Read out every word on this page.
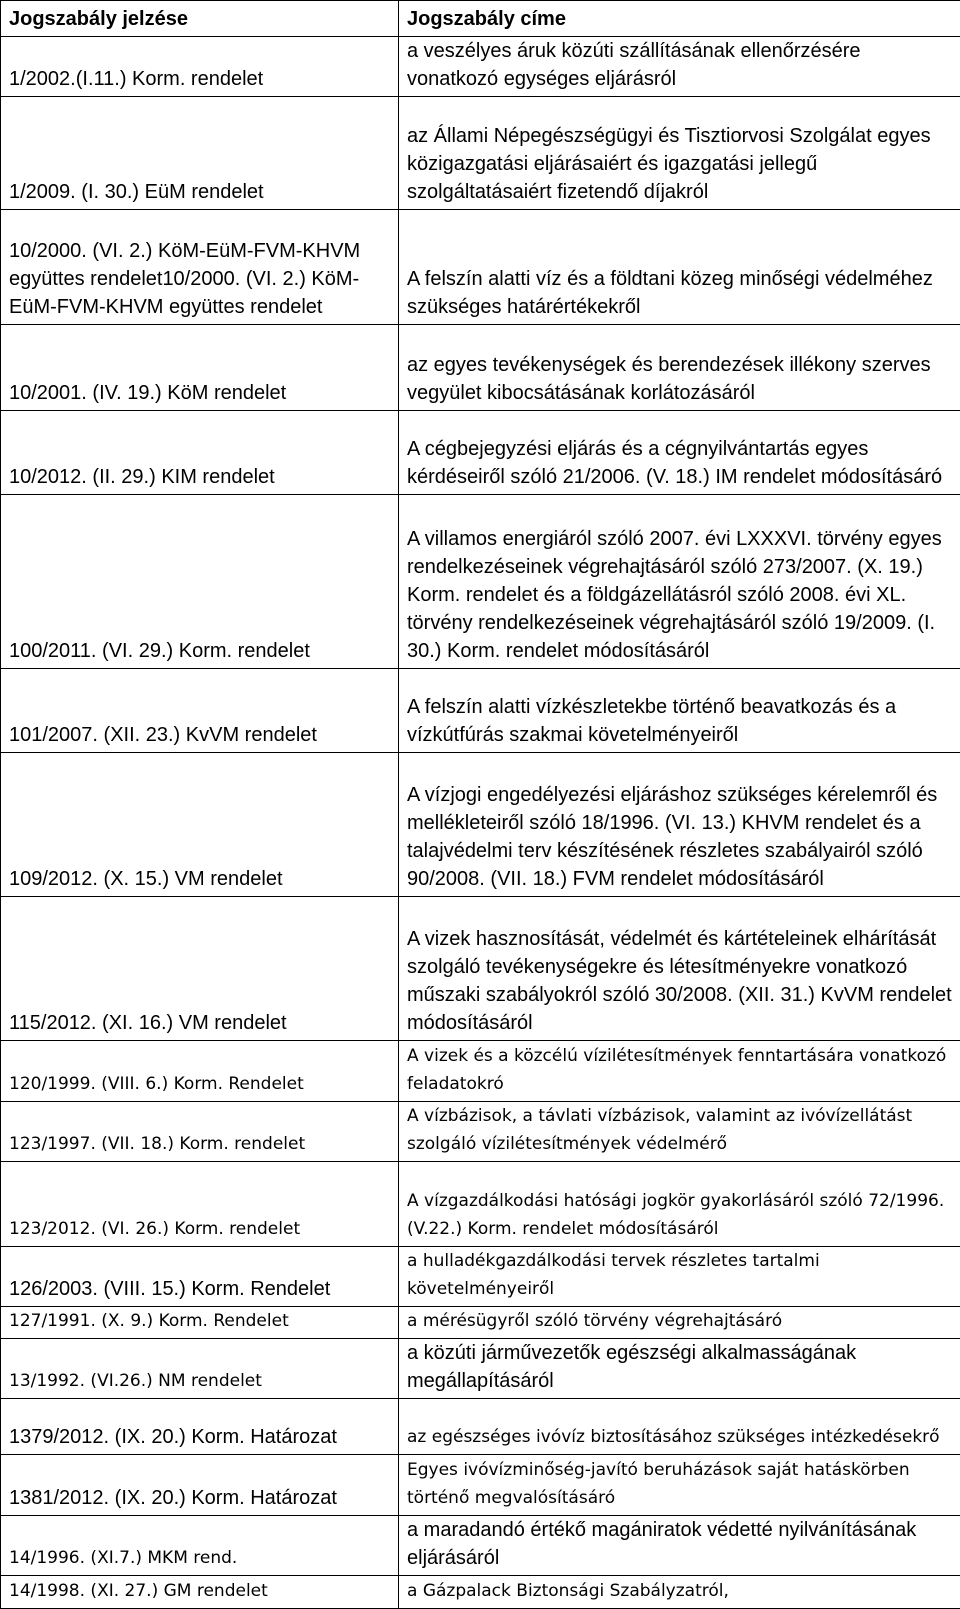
Jogszabály jelzése	Jogszabály címe
1/2002.(I.11.) Korm. rendelet	a veszélyes áruk közúti szállításának ellenőrzésére vonatkozó egységes eljárásról
1/2009. (I. 30.) EüM rendelet	az Állami Népegészségügyi és Tisztiorvosi Szolgálat egyes közigazgatási eljárásaiért és igazgatási jellegű szolgáltatásaiért fizetendő díjakról
10/2000. (VI. 2.) KöM-EüM-FVM-KHVM együttes rendelet10/2000. (VI. 2.) KöM-EüM-FVM-KHVM együttes rendelet	A felszín alatti víz és a földtani közeg minőségi védelméhez szükséges határértékekről
10/2001. (IV. 19.) KöM rendelet	az egyes tevékenységek és berendezések illékony szerves vegyület kibocsátásának korlátozásáról
10/2012. (II. 29.) KIM rendelet	A cégbejegyzési eljárás és a cégnyilvántartás egyes kérdéseiről szóló 21/2006. (V. 18.) IM rendelet módosításáró
100/2011. (VI. 29.) Korm. rendelet	A villamos energiáról szóló 2007. évi LXXXVI. törvény egyes rendelkezéseinek végrehajtásáról szóló 273/2007. (X. 19.) Korm. rendelet és a földgázellátásról szóló 2008. évi XL. törvény rendelkezéseinek végrehajtásáról szóló 19/2009. (I. 30.) Korm. rendelet módosításáról
101/2007. (XII. 23.) KvVM rendelet	A felszín alatti vízkészletekbe történő beavatkozás és a vízkútfúrás szakmai követelményeiről
109/2012. (X. 15.) VM rendelet	A vízjogi engedélyezési eljáráshoz szükséges kérelemről és mellékleteiről szóló 18/1996. (VI. 13.) KHVM rendelet és a talajvédelmi terv készítésének részletes szabályairól szóló 90/2008. (VII. 18.) FVM rendelet módosításáról
115/2012. (XI. 16.) VM rendelet	A vizek hasznosítását, védelmét és kártételeinek elhárítását szolgáló tevékenységekre és létesítményekre vonatkozó műszaki szabályokról szóló 30/2008. (XII. 31.) KvVM rendelet módosításáról
120/1999. (VIII. 6.) Korm. Rendelet	A vizek és a közcélú vízilétesítmények fenntartására vonatkozó feladatokró
123/1997. (VII. 18.) Korm. rendelet	A vízbázisok, a távlati vízbázisok, valamint az ivóvízellátást szolgáló vízilétesítmények védelmérő
123/2012. (VI. 26.) Korm. rendelet	A vízgazdálkodási hatósági jogkör gyakorlásáról szóló 72/1996. (V.22.) Korm. rendelet módosításáról
126/2003. (VIII. 15.) Korm. Rendelet	a hulladékgazdálkodási tervek részletes tartalmi követelményeiről
127/1991. (X. 9.) Korm. Rendelet	a mérésügyről szóló törvény végrehajtásáró
13/1992. (VI.26.) NM rendelet	a közúti járművezetők egészségi alkalmasságának megállapításáról
1379/2012. (IX. 20.) Korm. Határozat	az egészséges ivóvíz biztosításához szükséges intézkedésekrő
1381/2012. (IX. 20.) Korm. Határozat	Egyes ivóvízminőség-javító beruházások saját hatáskörben történő megvalósításáró
14/1996. (XI.7.) MKM rend.	a maradandó értékő magániratok védetté nyilvánításának eljárásáról
14/1998. (XI. 27.) GM rendelet	a Gázpalack Biztonsági Szabályzatról,
